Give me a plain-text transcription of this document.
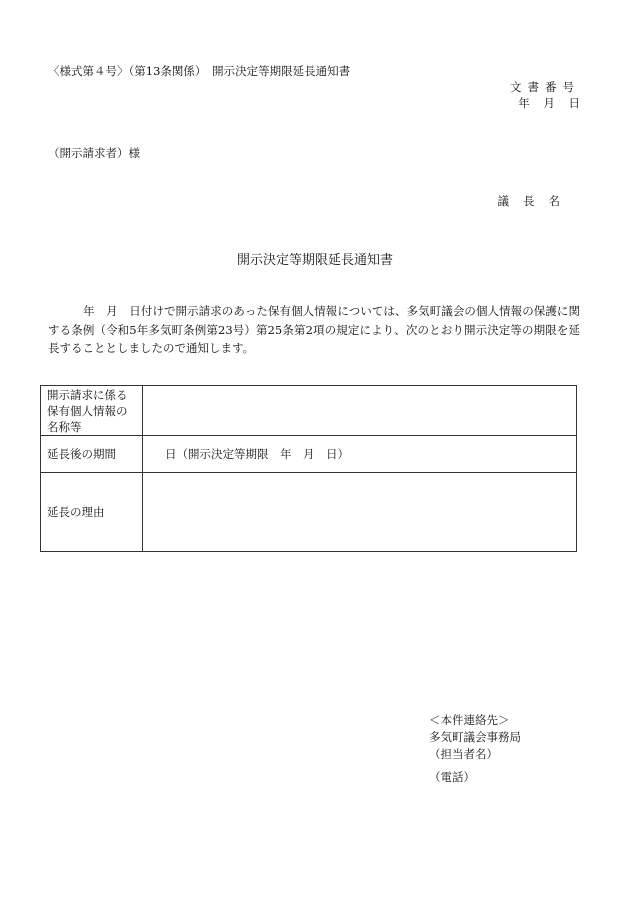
〈様式第４号〉（第13条関係）　開示決定等期限延長通知書
文書番号
年 月 日
（開示請求者）様
議長名
開示決定等期限延長通知書
年　月　日付けで開示請求のあった保有個人情報については、多気町議会の個人情報の保護に関する条例（令和5年多気町条例第23号）第25条第2項の規定により、次のとおり開示決定等の期限を延長することとしましたので通知します。
開示請求に係る保有個人情報の名称等	
延長後の期間	日（開示決定等期限　年　月　日）
延長の理由	
＜本件連絡先＞
多気町議会事務局
（担当者名）
（電話）
